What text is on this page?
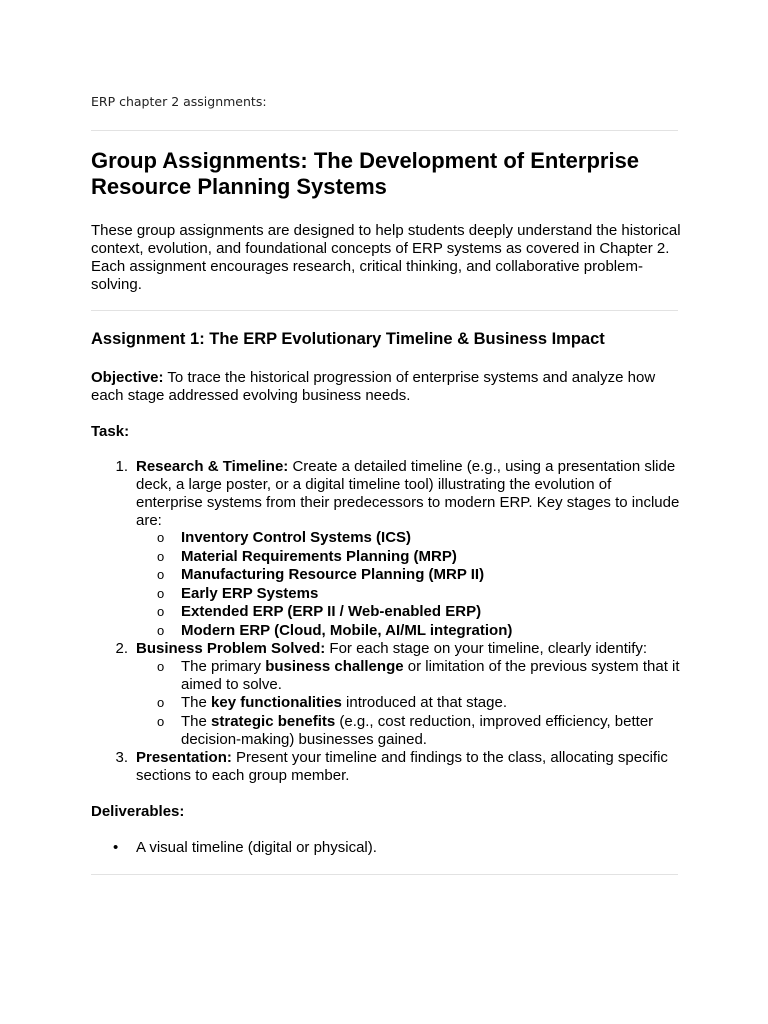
ERP chapter 2 assignments:
Group Assignments: The Development of Enterprise Resource Planning Systems
These group assignments are designed to help students deeply understand the historical context, evolution, and foundational concepts of ERP systems as covered in Chapter 2. Each assignment encourages research, critical thinking, and collaborative problem-solving.
Assignment 1: The ERP Evolutionary Timeline & Business Impact
Objective: To trace the historical progression of enterprise systems and analyze how each stage addressed evolving business needs.
Task:
1. Research & Timeline: Create a detailed timeline (e.g., using a presentation slide deck, a large poster, or a digital timeline tool) illustrating the evolution of enterprise systems from their predecessors to modern ERP. Key stages to include are:
o Inventory Control Systems (ICS)
o Material Requirements Planning (MRP)
o Manufacturing Resource Planning (MRP II)
o Early ERP Systems
o Extended ERP (ERP II / Web-enabled ERP)
o Modern ERP (Cloud, Mobile, AI/ML integration)
2. Business Problem Solved: For each stage on your timeline, clearly identify:
o The primary business challenge or limitation of the previous system that it aimed to solve.
o The key functionalities introduced at that stage.
o The strategic benefits (e.g., cost reduction, improved efficiency, better decision-making) businesses gained.
3. Presentation: Present your timeline and findings to the class, allocating specific sections to each group member.
Deliverables:
• A visual timeline (digital or physical).
